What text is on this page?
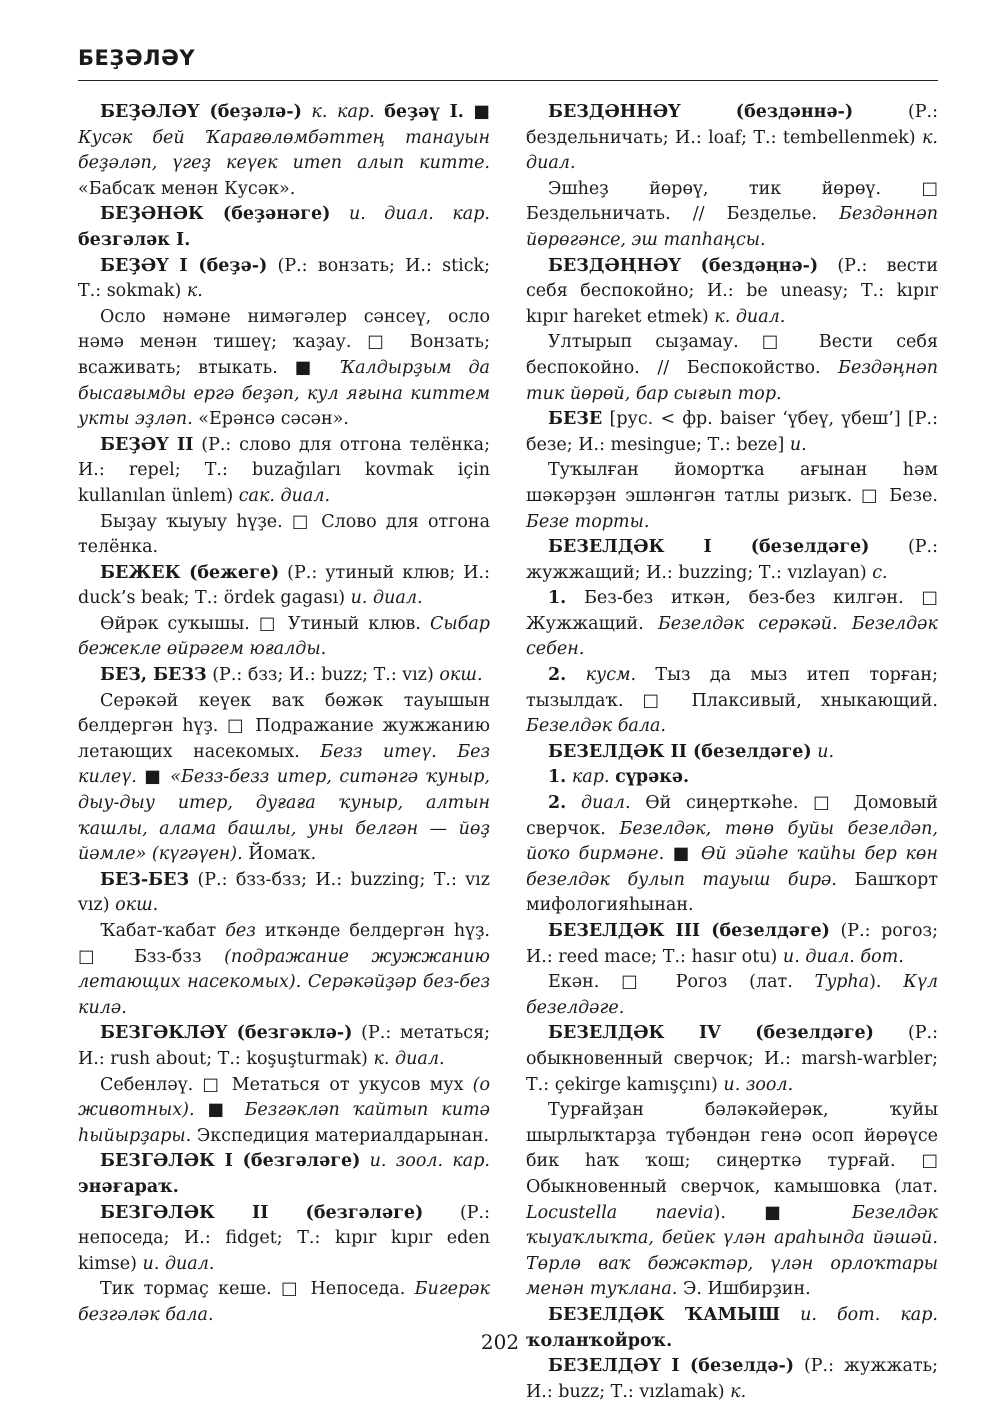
БЕҘӘЛӘҮ

БЕҘӘЛӘҮ (беҙәлә-) к. кар. беҙәү I. ■ Кусәк бей Ҡарағөлөмбәттең танауын беҙәләп, үгеҙ кеүек итеп алып китте. «Бабсаҡ менән Кусәк».

БЕҘӘНӘК (беҙәнәге) и. диал. кар. безгәләк I.

БЕҘӘҮ I (беҙә-) (Р.: вонзать; И.: stick; Т.: sokmak) к.

Осло нәмәне нимәгәлер сәнсеү, осло нәмә менән тишеү; ҡаҙау. □ Вонзать; всаживать; втыкать. ■ Ҡалдырҙым да бысағымды ергә беҙәп, кул яғына киттем укты эҙләп. «Ерәнсә сәсән».

БЕҘӘҮ II (Р.: слово для отгона телёнка; И.: repel; Т.: buzağıları kovmak için kullanılan ünlem) сак. диал.

Быҙау ҡыуыу һүҙе. □ Слово для отгона телёнка.

БЕЖЕК (бежеге) (Р.: утиный клюв; И.: duck’s beak; Т.: ördek gagası) и. диал.

Өйрәк суҡышы. □ Утиный клюв. Сыбар бежекле өйрәгем юғалды.

БЕЗ, БЕЗЗ (Р.: бзз; И.: buzz; Т.: vız) окш.

Серәкәй кеүек ваҡ бөжәк тауышын белдергән һүҙ. □ Подражание жужжанию летающих насекомых. Безз итеү. Без килеү. ■ «Безз-безз итер, ситәнгә ҡуныр, дыу-дыу итер, дуғаға ҡуныр, алтын ҡашлы, алама башлы, уны белгән — йөҙ йәмле» (күгәүен). Йомаҡ.

БЕЗ-БЕЗ (Р.: бзз-бзз; И.: buzzing; Т.: vız vız) окш.

Ҡабат-ҡабат без иткәнде белдергән һүҙ. □ Бзз-бзз (подражание жужжанию летающих насекомых). Серәкәйҙәр без-без килә.

БЕЗГӘКЛӘҮ (безгәклә-) (Р.: метаться; И.: rush about; Т.: koşuşturmak) к. диал.

Себенләү. □ Метаться от укусов мух (о животных). ■ Безгәкләп ҡайтып китә һыйырҙары. Экспедиция материалдарынан.

БЕЗГӘЛӘК I (безгәләге) и. зоол. кар. энәғараҡ.

БЕЗГӘЛӘК II (безгәләге) (Р.: непоседа; И.: fidget; Т.: kıpır kıpır eden kimse) и. диал.

Тик тормаҫ кеше. □ Непоседа. Бигерәк безгәләк бала.

БЕЗДӘННӘҮ (бездәннә-)	(Р.: бездельничать; И.: loaf; Т.: tembellenmek) к. диал.

Эшһеҙ йөрөү, тик йөрөү. □ Бездельничать. // Безделье. Бездәннәп йөрөгәнсе, эш тапһаңсы.

БЕЗДӘҢНӘҮ (бездәңнә-) (Р.: вести себя беспокойно; И.: be uneasy; Т.: kıpır kıpır hareket etmek) к. диал.

Ултырып сыҙамау. □ Вести себя беспокойно. // Беспокойство. Бездәңнәп тик йөрөй, бар сығып тор.

БЕЗЕ [рус. < фр. baiser ‘үбеү, үбеш’] [Р.: безе; И.: mesingue; Т.: beze] и.

Туҡылған йомортҡа ағынан һәм шәкәрҙән эшләнгән татлы ризыҡ. □ Безе. Безе торты.

БЕЗЕЛДӘК I (безелдәге) (Р.: жужжащий; И.: buzzing; Т.: vızlayan) с.

1. Без-без иткән, без-без килгән. □ Жужжащий. Безелдәк серәкәй. Безелдәк себен.

2. кусм. Тыз да мыз итеп торған; тызылдаҡ. □ Плаксивый, хныкающий. Безелдәк бала.

БЕЗЕЛДӘК II (безелдәге) и.

1. кар. сүрәкә.

2. диал. Өй сиңерткәһе. □ Домовый сверчок. Безелдәк, төнө буйы безелдәп, йоҡо бирмәне. ■ Өй эйәһе ҡайһы бер көн безелдәк булып тауыш бирә. Башҡорт мифологияһынан.

БЕЗЕЛДӘК III (безелдәге) (Р.: рогоз; И.: reed mace; Т.: hasır otu) и. диал. бот.

Екән. □ Рогоз (лат. Typha). Күл безелдәге.

БЕЗЕЛДӘК IV (безелдәге) (Р.: обыкновенный сверчок; И.: marsh-warbler; Т.: çekirge kamışçını) и. зоол.

Турғайҙан бәләкәйерәк, ҡуйы шырлыҡтарҙа түбәндән генә осоп йөрөүсе бик һаҡ ҡош; сиңерткә турғай. □ Обыкновенный сверчок, камышовка (лат. Locustella naevia). ■ Безелдәк ҡыуаҡлыҡта, бейек үлән араһында йәшәй. Төрлө ваҡ бөжәктәр, үлән орлоҡтары менән туҡлана. Э. Ишбирҙин.

БЕЗЕЛДӘК ҠАМЫШ и. бот. кар. ҡоланҡойроҡ.

БЕЗЕЛДӘҮ I (безелдә-) (Р.: жужжать; И.: buzz; Т.: vızlamak) к.

202
